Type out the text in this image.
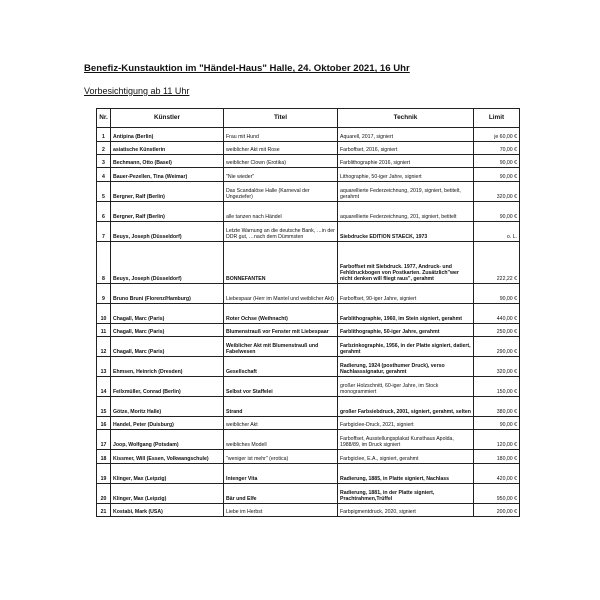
Benefiz-Kunstauktion im "Händel-Haus" Halle, 24. Oktober 2021, 16 Uhr
Vorbesichtigung ab 11 Uhr
Nr.	Künstler	Titel	Technik	Limit
1	Antipina (Berlin)	Frau mit Hund	Aquarell, 2017, signiert	je 60,00 €
2	asiatische Künstlerin	weiblicher Akt mit Rose	Farboffset, 2016, signiert	70,00 €
3	Bechmann, Otto (Basel)	weiblicher Clown (Erotika)	Farblithographie 2016, signiert	90,00 €
4	Bauer-Pezellen, Tina (Weimar)	"Nie wieder"	Lithographie, 50-iger Jahre, signiert	90,00 €
5	Bergner, Ralf (Berlin)	Das Scandalöse Halle (Karneval der Ungeziefer)	aquarellierte Federzeichnung, 2019, signiert, betitelt, gerahmt	320,00 €
6	Bergner, Ralf (Berlin)	alle tanzen nach Händel	aquarellierte Federzeichnung, 201, signiert, betitelt	90,00 €
7	Beuys, Joseph (Düsseldorf)	Letzte Warnung an die deutsche Bank, …in der DDR gut, …nach dem Dümmsten	Siebdrucke EDITION STAECK, 1973	o. L.
8	Beuys, Joseph (Düsseldorf)	BONNEFANTEN	Farboffset mit Siebdruck. 1977, Andruck- und Fehldruckbogen von Postkarten. Zusätzlich"wer nicht denken will fliegt raus", gerahmt	222,22 €
9	Bruno Bruni (Florenz/Hamburg)	Liebespaar (Herr im Mantel und weiblicher Akt)	Farboffset, 90-iger Jahre, signiert	90,00 €
10	Chagall, Marc (Paris)	Roter Ochse (Weihnacht)	Farblithographie, 1960, im Stein signiert, gerahmt	440,00 €
11	Chagall, Marc (Paris)	Blumenstrauß vor Fenster mit Liebespaar	Farblithographie, 50-iger Jahre, gerahmt	250,00 €
12	Chagall, Marc (Paris)	Weiblicher Akt mit Blumenstrauß und Fabelwesen	Farbzinkographie, 1956, in der Platte signiert, datiert, gerahmt	290,00 €
13	Ehmsen, Heinrich (Dresden)	Gesellschaft	Radierung, 1924 (posthumer Druck), verso Nachlasssignatur, gerahmt	320,00 €
14	Feilxmüller, Conrad (Berlin)	Selbst vor Staffelei	großer Holzschnitt, 60-iger Jahre, im Stock monogrammiert	150,00 €
15	Götze, Moritz Halle)	Strand	großer Farbsiebdruck, 2001, signiert, gerahmt, selten	380,00 €
16	Handel, Peter (Duisburg)	weiblicher Akt	Farbgiclee-Druck, 2021, signiert	90,00 €
17	Joop, Wolfgang (Potsdam)	weibliches Modell	Farboffset, Ausstellungsplakat Kunsthaus Apolda, 1988/89, im Druck signiert	120,00 €
18	Kissmer, Will (Essen, Volkwangschule)	"weniger ist mehr" (erotica)	Farbgiclee, E.A., signiert, gerahmt	180,00 €
19	Klinger, Max (Leipzig)	Intenger Vita	Radierung, 1885, in Platte signiert, Nachlass	420,00 €
20	Klinger, Max (Leipzig)	Bär und Elfe	Radierung, 1881, in der Platte signiert, Prachtrahmen,Trüffel	950,00 €
21	Kostabi, Mark (USA)	Liebe im Herbst	Farbpigmentdruck, 2020, signiert	200,00 €
